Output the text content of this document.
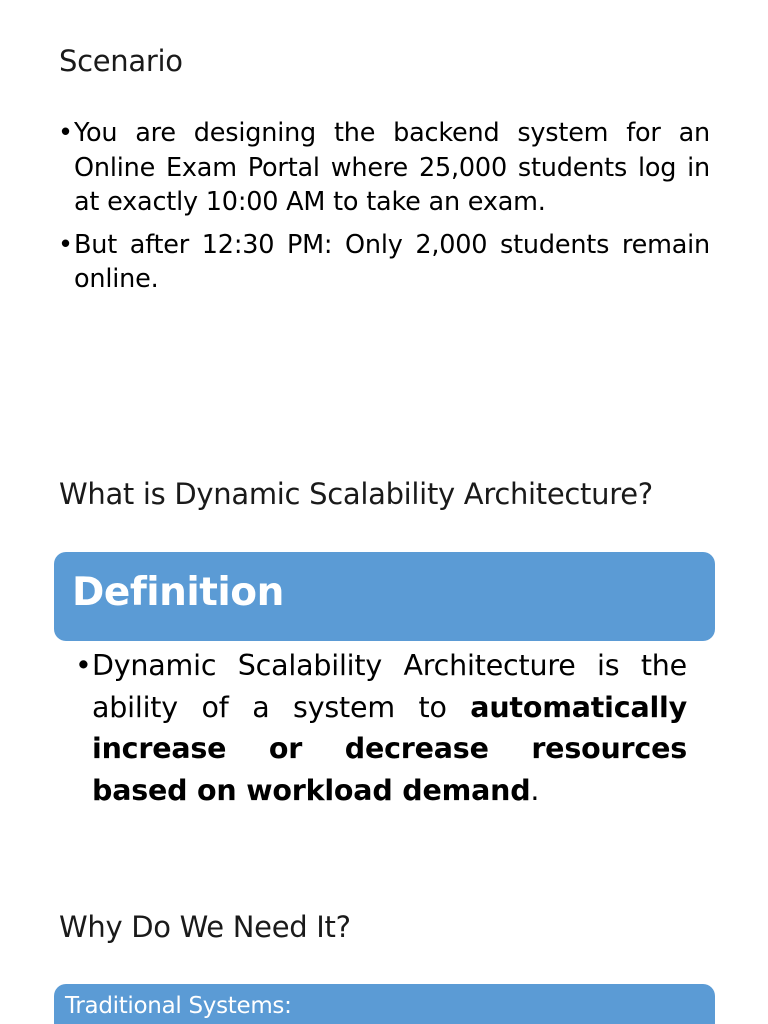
Scenario
• You are designing the backend system for an Online Exam Portal where 25,000 students log in at exactly 10:00 AM to take an exam.
• But after 12:30 PM: Only 2,000 students remain online.
What is Dynamic Scalability Architecture?
Definition
• Dynamic Scalability Architecture is the ability of a system to automatically increase or decrease resources based on workload demand.
Why Do We Need It?
Traditional Systems:
